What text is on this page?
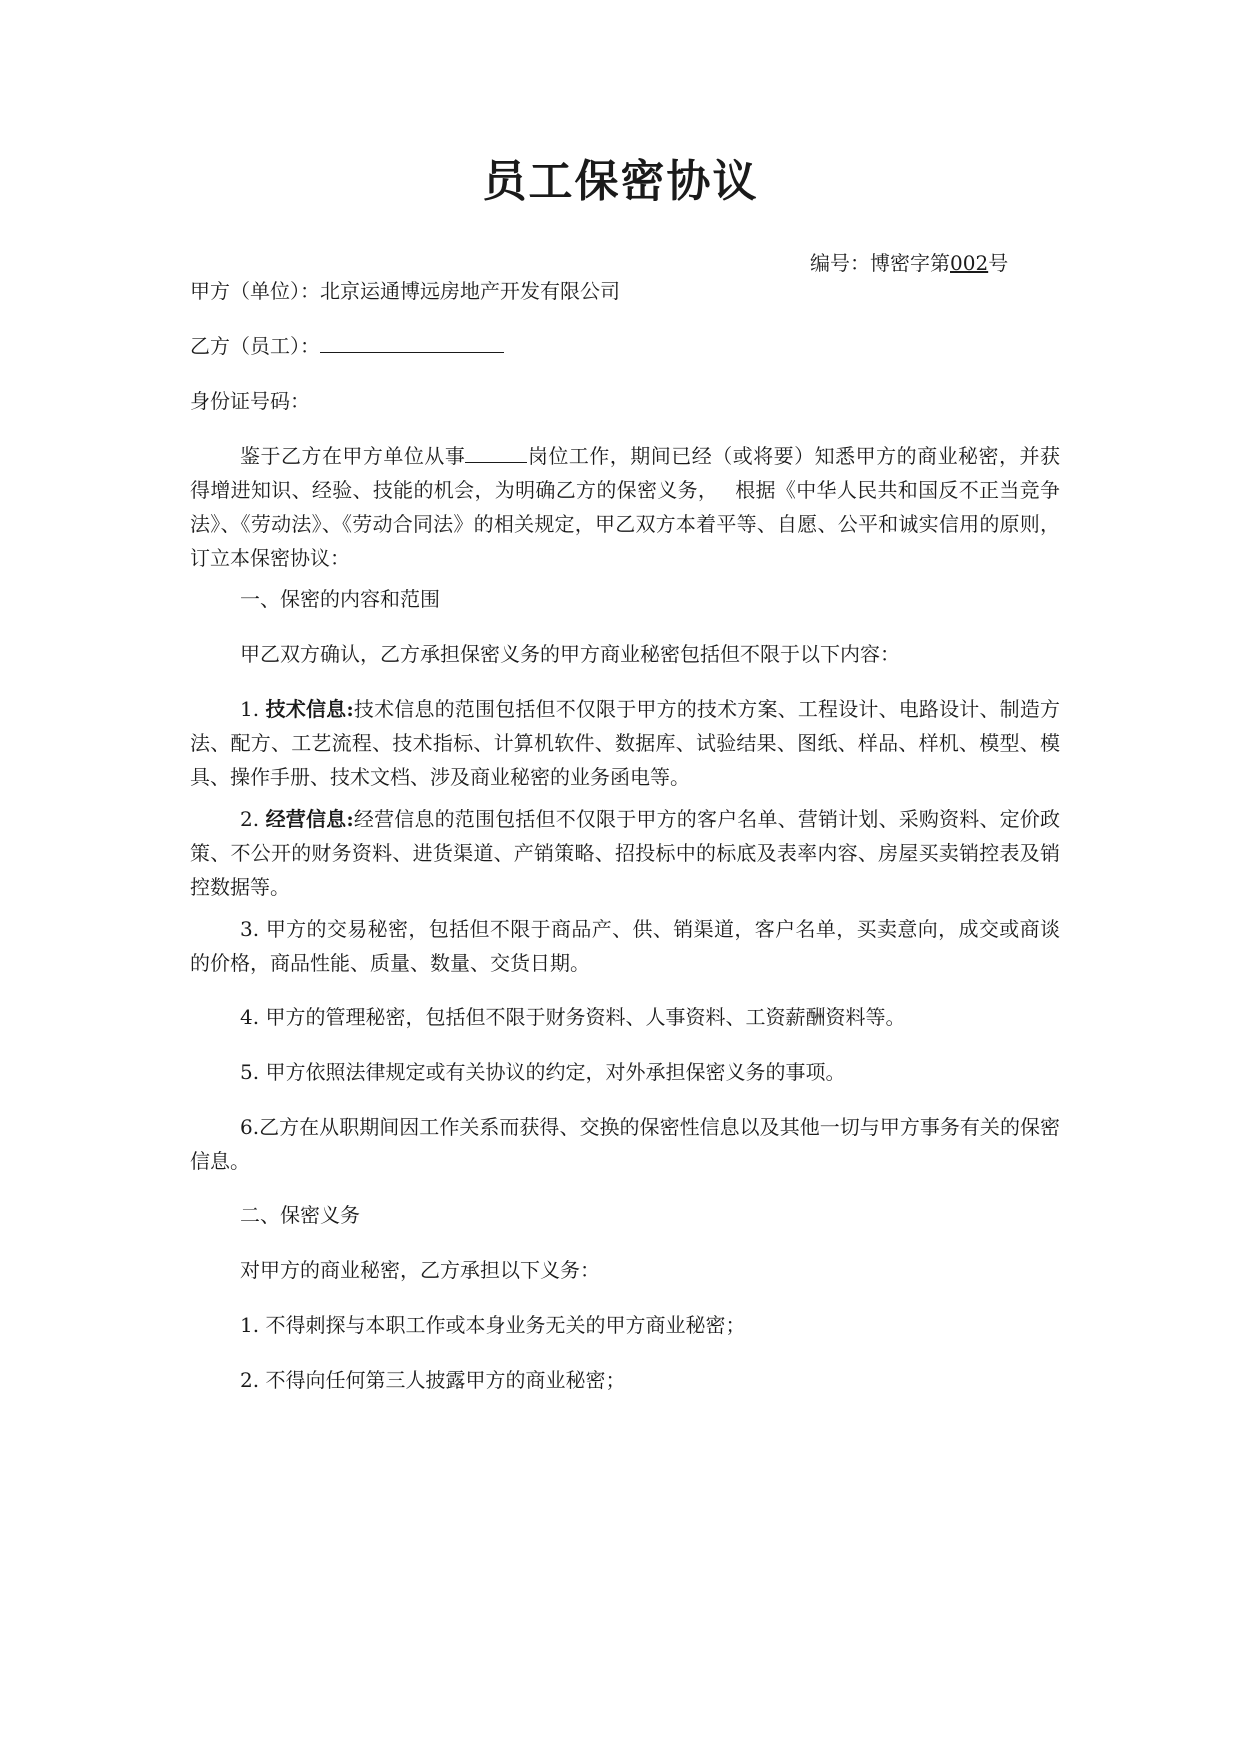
员工保密协议
编号：博密字第002号
甲方（单位）：北京运通博远房地产开发有限公司
乙方（员工）：
身份证号码：
鉴于乙方在甲方单位从事	岗位工作，期间已经（或将要）知悉甲方的商业秘密，并获得增进知识、经验、技能的机会，为明确乙方的保密义务，　 根据《中华人民共和国反不正当竞争法》、《劳动法》、《劳动合同法》的相关规定，甲乙双方本着平等、自愿、公平和诚实信用的原则，订立本保密协议：
一、保密的内容和范围
甲乙双方确认，乙方承担保密义务的甲方商业秘密包括但不限于以下内容：
1. 技术信息:技术信息的范围包括但不仅限于甲方的技术方案、工程设计、电路设计、制造方法、配方、工艺流程、技术指标、计算机软件、数据库、试验结果、图纸、样品、样机、模型、模具、操作手册、技术文档、涉及商业秘密的业务函电等。
2. 经营信息:经营信息的范围包括但不仅限于甲方的客户名单、营销计划、采购资料、定价政策、不公开的财务资料、进货渠道、产销策略、招投标中的标底及表率内容、房屋买卖销控表及销控数据等。
3. 甲方的交易秘密，包括但不限于商品产、供、销渠道，客户名单，买卖意向，成交或商谈的价格，商品性能、质量、数量、交货日期。
4. 甲方的管理秘密，包括但不限于财务资料、人事资料、工资薪酬资料等。
5. 甲方依照法律规定或有关协议的约定，对外承担保密义务的事项。
6.乙方在从职期间因工作关系而获得、交换的保密性信息以及其他一切与甲方事务有关的保密信息。
二、保密义务
对甲方的商业秘密，乙方承担以下义务：
1. 不得刺探与本职工作或本身业务无关的甲方商业秘密；
2. 不得向任何第三人披露甲方的商业秘密；
